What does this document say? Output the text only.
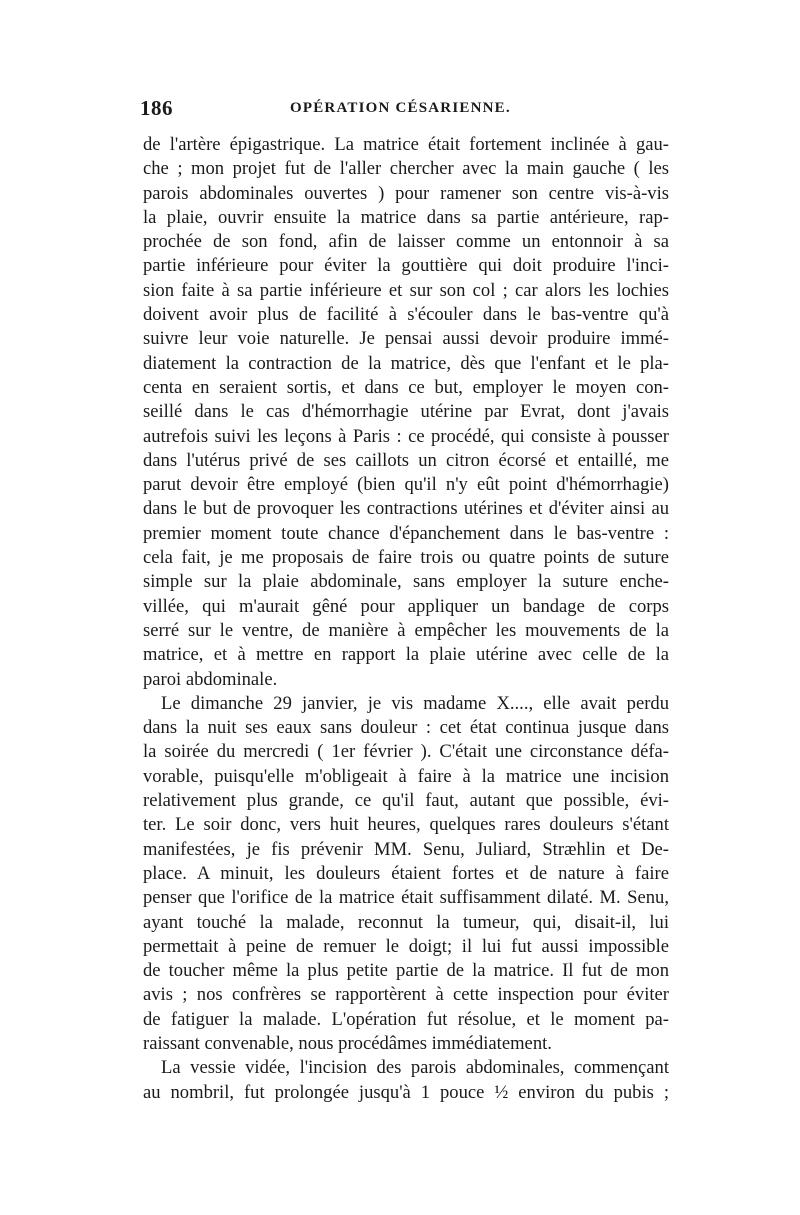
186	OPÉRATION CÉSARIENNE.
de l'artère épigastrique. La matrice était fortement inclinée à gau-
che ; mon projet fut de l'aller chercher avec la main gauche ( les
parois abdominales ouvertes ) pour ramener son centre vis-à-vis
la plaie, ouvrir ensuite la matrice dans sa partie antérieure, rap-
prochée de son fond, afin de laisser comme un entonnoir à sa
partie inférieure pour éviter la gouttière qui doit produire l'inci-
sion faite à sa partie inférieure et sur son col ; car alors les lochies
doivent avoir plus de facilité à s'écouler dans le bas-ventre qu'à
suivre leur voie naturelle. Je pensai aussi devoir produire immé-
diatement la contraction de la matrice, dès que l'enfant et le pla-
centa en seraient sortis, et dans ce but, employer le moyen con-
seillé dans le cas d'hémorrhagie utérine par Evrat, dont j'avais
autrefois suivi les leçons à Paris : ce procédé, qui consiste à pousser
dans l'utérus privé de ses caillots un citron écorsé et entaillé, me
parut devoir être employé (bien qu'il n'y eût point d'hémorrhagie)
dans le but de provoquer les contractions utérines et d'éviter ainsi au
premier moment toute chance d'épanchement dans le bas-ventre :
cela fait, je me proposais de faire trois ou quatre points de suture
simple sur la plaie abdominale, sans employer la suture enche-
villée, qui m'aurait gêné pour appliquer un bandage de corps
serré sur le ventre, de manière à empêcher les mouvements de la
matrice, et à mettre en rapport la plaie utérine avec celle de la
paroi abdominale.
Le dimanche 29 janvier, je vis madame X...., elle avait perdu
dans la nuit ses eaux sans douleur : cet état continua jusque dans
la soirée du mercredi ( 1er février ). C'était une circonstance défa-
vorable, puisqu'elle m'obligeait à faire à la matrice une incision
relativement plus grande, ce qu'il faut, autant que possible, évi-
ter. Le soir donc, vers huit heures, quelques rares douleurs s'étant
manifestées, je fis prévenir MM. Senu, Juliard, Stræhlin et De-
place. A minuit, les douleurs étaient fortes et de nature à faire
penser que l'orifice de la matrice était suffisamment dilaté. M. Senu,
ayant touché la malade, reconnut la tumeur, qui, disait-il, lui
permettait à peine de remuer le doigt; il lui fut aussi impossible
de toucher même la plus petite partie de la matrice. Il fut de mon
avis ; nos confrères se rapportèrent à cette inspection pour éviter
de fatiguer la malade. L'opération fut résolue, et le moment pa-
raissant convenable, nous procédâmes immédiatement.
La vessie vidée, l'incision des parois abdominales, commençant
au nombril, fut prolongée jusqu'à 1 pouce ½ environ du pubis ;
